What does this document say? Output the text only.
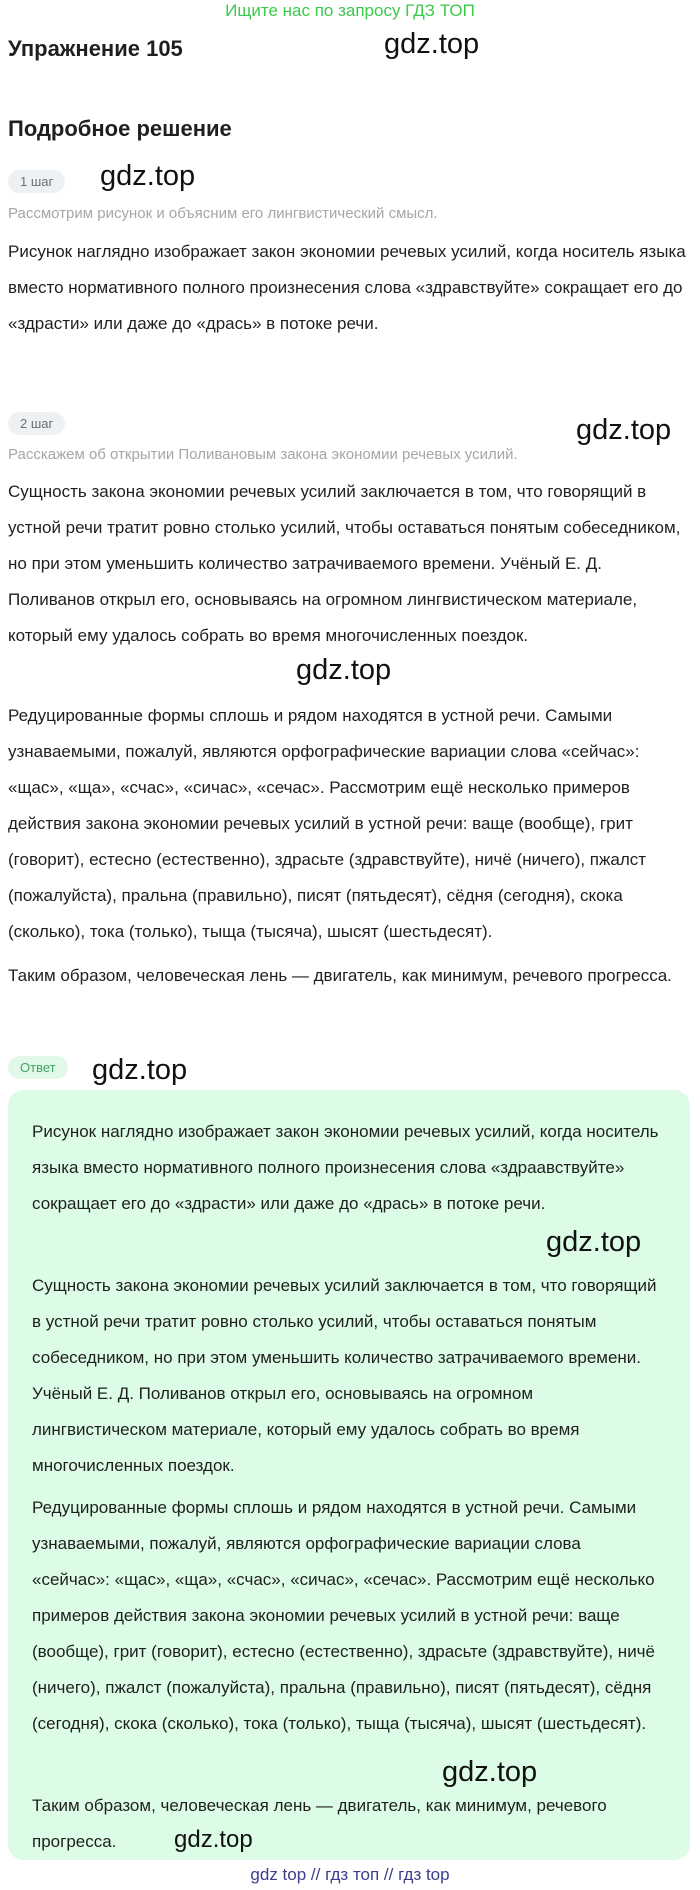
Ищите нас по запросу ГДЗ ТОП
Упражнение 105	gdz.top
Подробное решение
1 шаг	gdz.top
Рассмотрим рисунок и объясним его лингвистический смысл.

Рисунок наглядно изображает закон экономии речевых усилий, когда носитель языка вместо нормативного полного произнесения слова «здравствуйте» сокращает его до «здрасти» или даже до «дрась» в потоке речи.

2 шаг	gdz.top
Расскажем об открытии Поливановым закона экономии речевых усилий.

Сущность закона экономии речевых усилий заключается в том, что говорящий в устной речи тратит ровно столько усилий, чтобы оставаться понятым собеседником, но при этом уменьшить количество затрачиваемого времени. Учёный Е. Д. Поливанов открыл его, основываясь на огромном лингвистическом материале, который ему удалось собрать во время многочисленных поездок.

gdz.top

Редуцированные формы сплошь и рядом находятся в устной речи. Самыми узнаваемыми, пожалуй, являются орфографические вариации слова «сейчас»: «щас», «ща», «счас», «сичас», «сечас». Рассмотрим ещё несколько примеров действия закона экономии речевых усилий в устной речи: ваще (вообще), грит (говорит), естесно (естественно), здрасьте (здравствуйте), ничё (ничего), пжалст (пожалуйста), пральна (правильно), писят (пятьдесят), сёдня (сегодня), скока (сколько), тока (только), тыща (тысяча), шысят (шестьдесят).

Таким образом, человеческая лень — двигатель, как минимум, речевого прогресса.

Ответ	gdz.top

Рисунок наглядно изображает закон экономии речевых усилий, когда носитель языка вместо нормативного полного произнесения слова «здраавствуйте» сокращает его до «здрасти» или даже до «дрась» в потоке речи.

gdz.top

Сущность закона экономии речевых усилий заключается в том, что говорящий в устной речи тратит ровно столько усилий, чтобы оставаться понятым собеседником, но при этом уменьшить количество затрачиваемого времени. Учёный Е. Д. Поливанов открыл его, основываясь на огромном лингвистическом материале, который ему удалось собрать во время многочисленных поездок.

Редуцированные формы сплошь и рядом находятся в устной речи. Самыми узнаваемыми, пожалуй, являются орфографические вариации слова «сейчас»: «щас», «ща», «счас», «сичас», «сечас». Рассмотрим ещё несколько примеров действия закона экономии речевых усилий в устной речи: ваще (вообще), грит (говорит), естесно (естественно), здрасьте (здравствуйте), ничё (ничего), пжалст (пожалуйста), пральна (правильно), писят (пятьдесят), сёдня (сегодня), скока (сколько), тока (только), тыща (тысяча), шысят (шестьдесят).

gdz.top

Таким образом, человеческая лень — двигатель, как минимум, речевого прогресса.	gdz.top
gdz top // гдз топ // гдз top
